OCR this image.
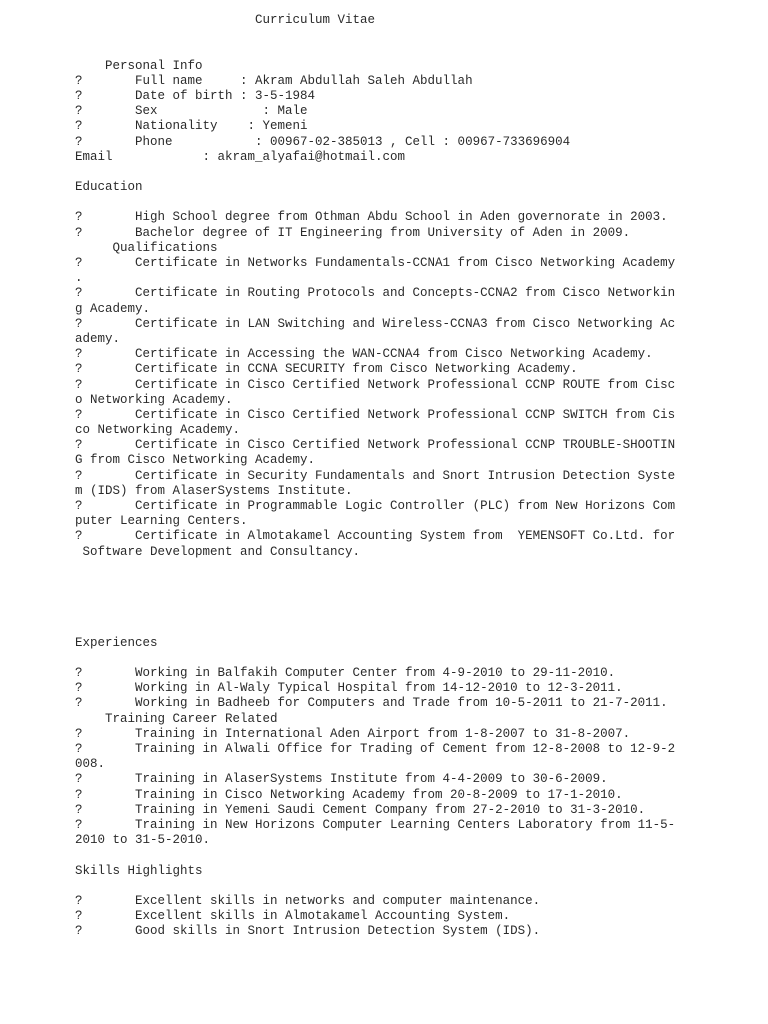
Curriculum Vitae
Personal Info
?       Full name     : Akram Abdullah Saleh Abdullah
?       Date of birth : 3-5-1984
?       Sex              : Male
?       Nationality    : Yemeni
?       Phone           : 00967-02-385013 , Cell : 00967-733696904
Email            : akram_alyafai@hotmail.com
Education
?       High School degree from Othman Abdu School in Aden governorate in 2003.
?       Bachelor degree of IT Engineering from University of Aden in 2009.
Qualifications
?       Certificate in Networks Fundamentals-CCNA1 from Cisco Networking Academy
.
?       Certificate in Routing Protocols and Concepts-CCNA2 from Cisco Networkin
g Academy.
?       Certificate in LAN Switching and Wireless-CCNA3 from Cisco Networking Ac
ademy.
?       Certificate in Accessing the WAN-CCNA4 from Cisco Networking Academy.
?       Certificate in CCNA SECURITY from Cisco Networking Academy.
?       Certificate in Cisco Certified Network Professional CCNP ROUTE from Cisc
o Networking Academy.
?       Certificate in Cisco Certified Network Professional CCNP SWITCH from Cis
co Networking Academy.
?       Certificate in Cisco Certified Network Professional CCNP TROUBLE-SHOOTIN
G from Cisco Networking Academy.
?       Certificate in Security Fundamentals and Snort Intrusion Detection Syste
m (IDS) from AlaserSystems Institute.
?       Certificate in Programmable Logic Controller (PLC) from New Horizons Com
puter Learning Centers.
?       Certificate in Almotakamel Accounting System from  YEMENSOFT Co.Ltd. for
Software Development and Consultancy.
Experiences
?       Working in Balfakih Computer Center from 4-9-2010 to 29-11-2010.
?       Working in Al-Waly Typical Hospital from 14-12-2010 to 12-3-2011.
?       Working in Badheeb for Computers and Trade from 10-5-2011 to 21-7-2011.
Training Career Related
?       Training in International Aden Airport from 1-8-2007 to 31-8-2007.
?       Training in Alwali Office for Trading of Cement from 12-8-2008 to 12-9-2
008.
?       Training in AlaserSystems Institute from 4-4-2009 to 30-6-2009.
?       Training in Cisco Networking Academy from 20-8-2009 to 17-1-2010.
?       Training in Yemeni Saudi Cement Company from 27-2-2010 to 31-3-2010.
?       Training in New Horizons Computer Learning Centers Laboratory from 11-5-
2010 to 31-5-2010.
Skills Highlights
?       Excellent skills in networks and computer maintenance.
?       Excellent skills in Almotakamel Accounting System.
?       Good skills in Snort Intrusion Detection System (IDS).
